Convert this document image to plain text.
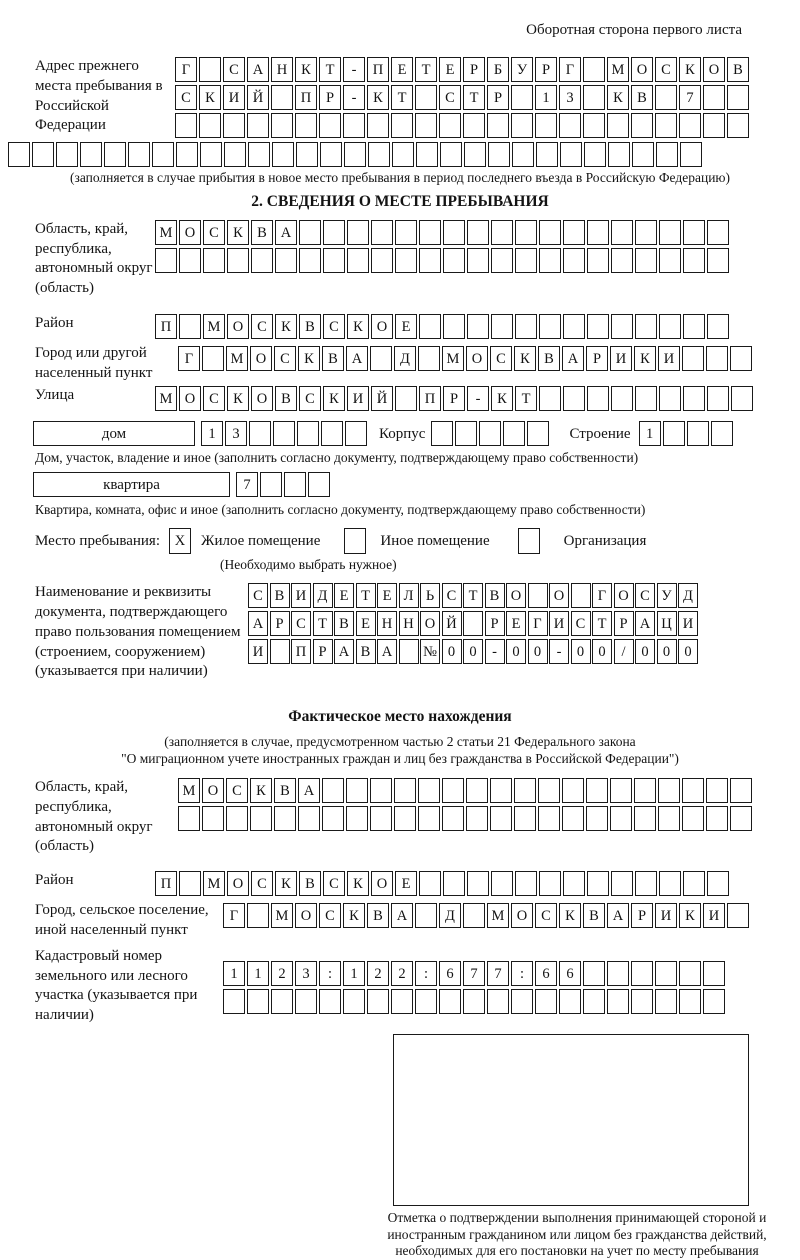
Оборотная сторона первого листа
Адрес прежнего места пребывания в Российской Федерации
Г	С А Н К Т - П Е Т Е Р Б У Р Г	М О С К О В
С К И Й	П Р - К Т	С Т Р	1 3	К В	7
(заполняется в случае прибытия в новое место пребывания в период последнего въезда в Российскую Федерацию)
2. СВЕДЕНИЯ О МЕСТЕ ПРЕБЫВАНИЯ
Область, край, республика, автономный округ (область)
М О С К В А
Район	П	М О С К В С К О Е
Город или другой населенный пункт
Г	М О С К В А	Д	М О С К В А Р И К И
Улица	М О С К О В С К И Й	П Р - К Т
дом	1 3	Корпус	Строение	1
Дом, участок, владение и иное (заполнить согласно документу, подтверждающему право собственности)
квартира	7
Квартира, комната, офис и иное (заполнить согласно документу, подтверждающему право собственности)
Место пребывания:	X	Жилое помещение	Иное помещение	Организация
(Необходимо выбрать нужное)
Наименование и реквизиты документа, подтверждающего право пользования помещением (строением, сооружением) (указывается при наличии)
С В И Д Е Т Е Л Ь С Т В О О Г О С У Д
А Р С Т В Е Н Н О Й Р Е Г И С Т Р А Ц И
И П Р А В А № 0 0 - 0 0 - 0 0 / 0 0 0
Фактическое место нахождения
(заполняется в случае, предусмотренном частью 2 статьи 21 Федерального закона
"О миграционном учете иностранных граждан и лиц без гражданства в Российской Федерации")
Область, край, республика, автономный округ (область)
М О С К В А
Район	П	М О С К В С К О Е
Город, сельское поселение, иной населенный пункт
Г	М О С К В А	Д	М О С К В А Р И К И
Кадастровый номер земельного или лесного участка (указывается при наличии)
1 1 2 3 : 1 2 2 : 6 7 7 : 6 6
Отметка о подтверждении выполнения принимающей стороной и иностранным гражданином или лицом без гражданства действий, необходимых для его постановки на учет по месту пребывания
